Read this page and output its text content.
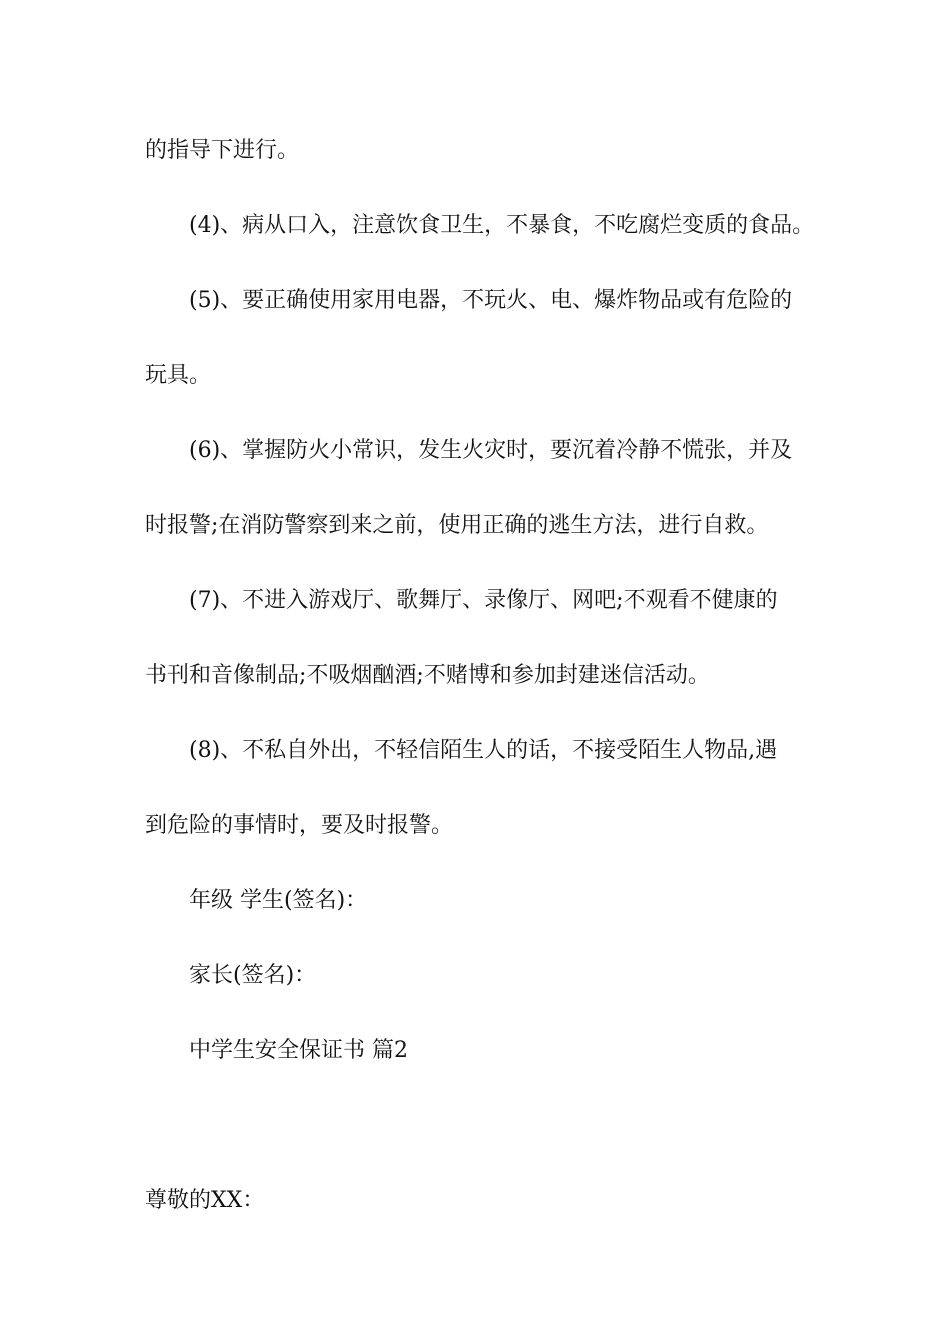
的指导下进行。
(4)、病从口入，注意饮食卫生，不暴食，不吃腐烂变质的食品。
(5)、要正确使用家用电器，不玩火、电、爆炸物品或有危险的
玩具。
(6)、掌握防火小常识，发生火灾时，要沉着冷静不慌张，并及
时报警;在消防警察到来之前，使用正确的逃生方法，进行自救。
(7)、不进入游戏厅、歌舞厅、录像厅、网吧;不观看不健康的
书刊和音像制品;不吸烟酗酒;不赌博和参加封建迷信活动。
(8)、不私自外出，不轻信陌生人的话，不接受陌生人物品,遇
到危险的事情时，要及时报警。
年级 学生(签名)：
家长(签名)：
中学生安全保证书 篇2
尊敬的XX：
